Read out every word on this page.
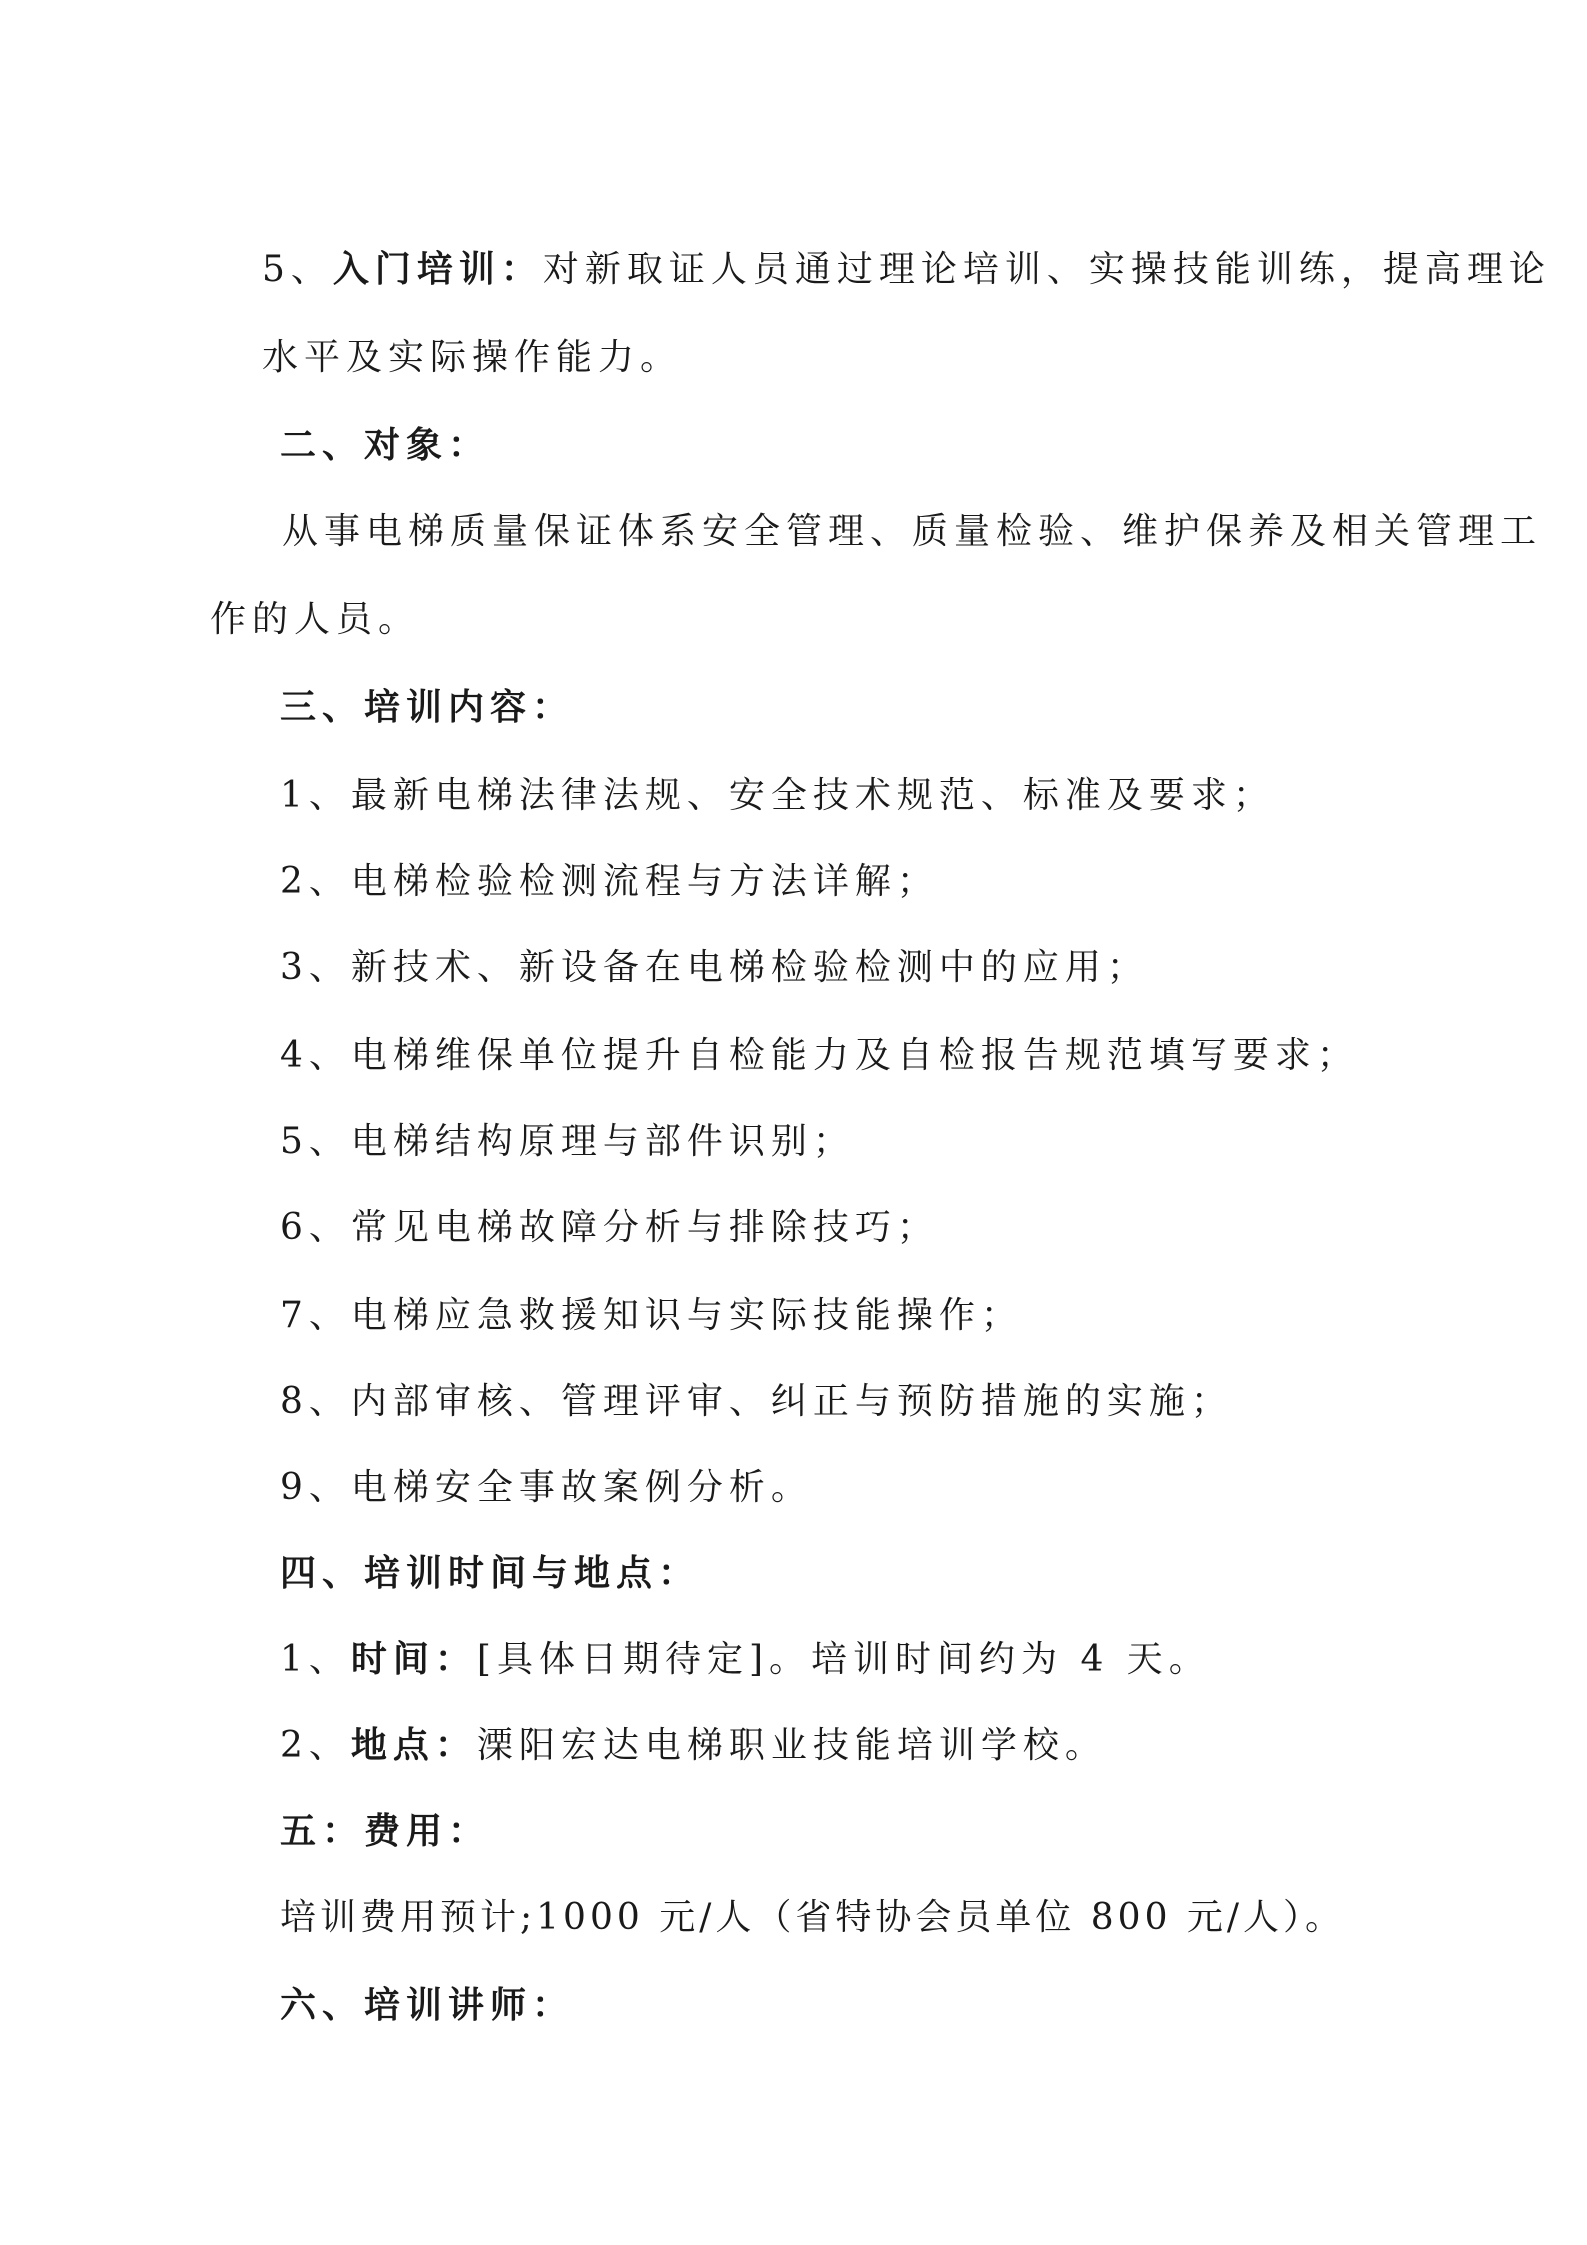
5、入门培训：对新取证人员通过理论培训、实操技能训练，提高理论
水平及实际操作能力。
二、对象：
从事电梯质量保证体系安全管理、质量检验、维护保养及相关管理工
作的人员。
三、培训内容：
1、最新电梯法律法规、安全技术规范、标准及要求；
2、电梯检验检测流程与方法详解；
3、新技术、新设备在电梯检验检测中的应用；
4、电梯维保单位提升自检能力及自检报告规范填写要求；
5、电梯结构原理与部件识别；
6、常见电梯故障分析与排除技巧；
7、电梯应急救援知识与实际技能操作；
8、内部审核、管理评审、纠正与预防措施的实施；
9、电梯安全事故案例分析。
四、培训时间与地点：
1、时间：[具体日期待定]。培训时间约为 4 天。
2、地点：溧阳宏达电梯职业技能培训学校。
五：费用：
培训费用预计;1000 元/人（省特协会员单位 800 元/人）。
六、培训讲师：
